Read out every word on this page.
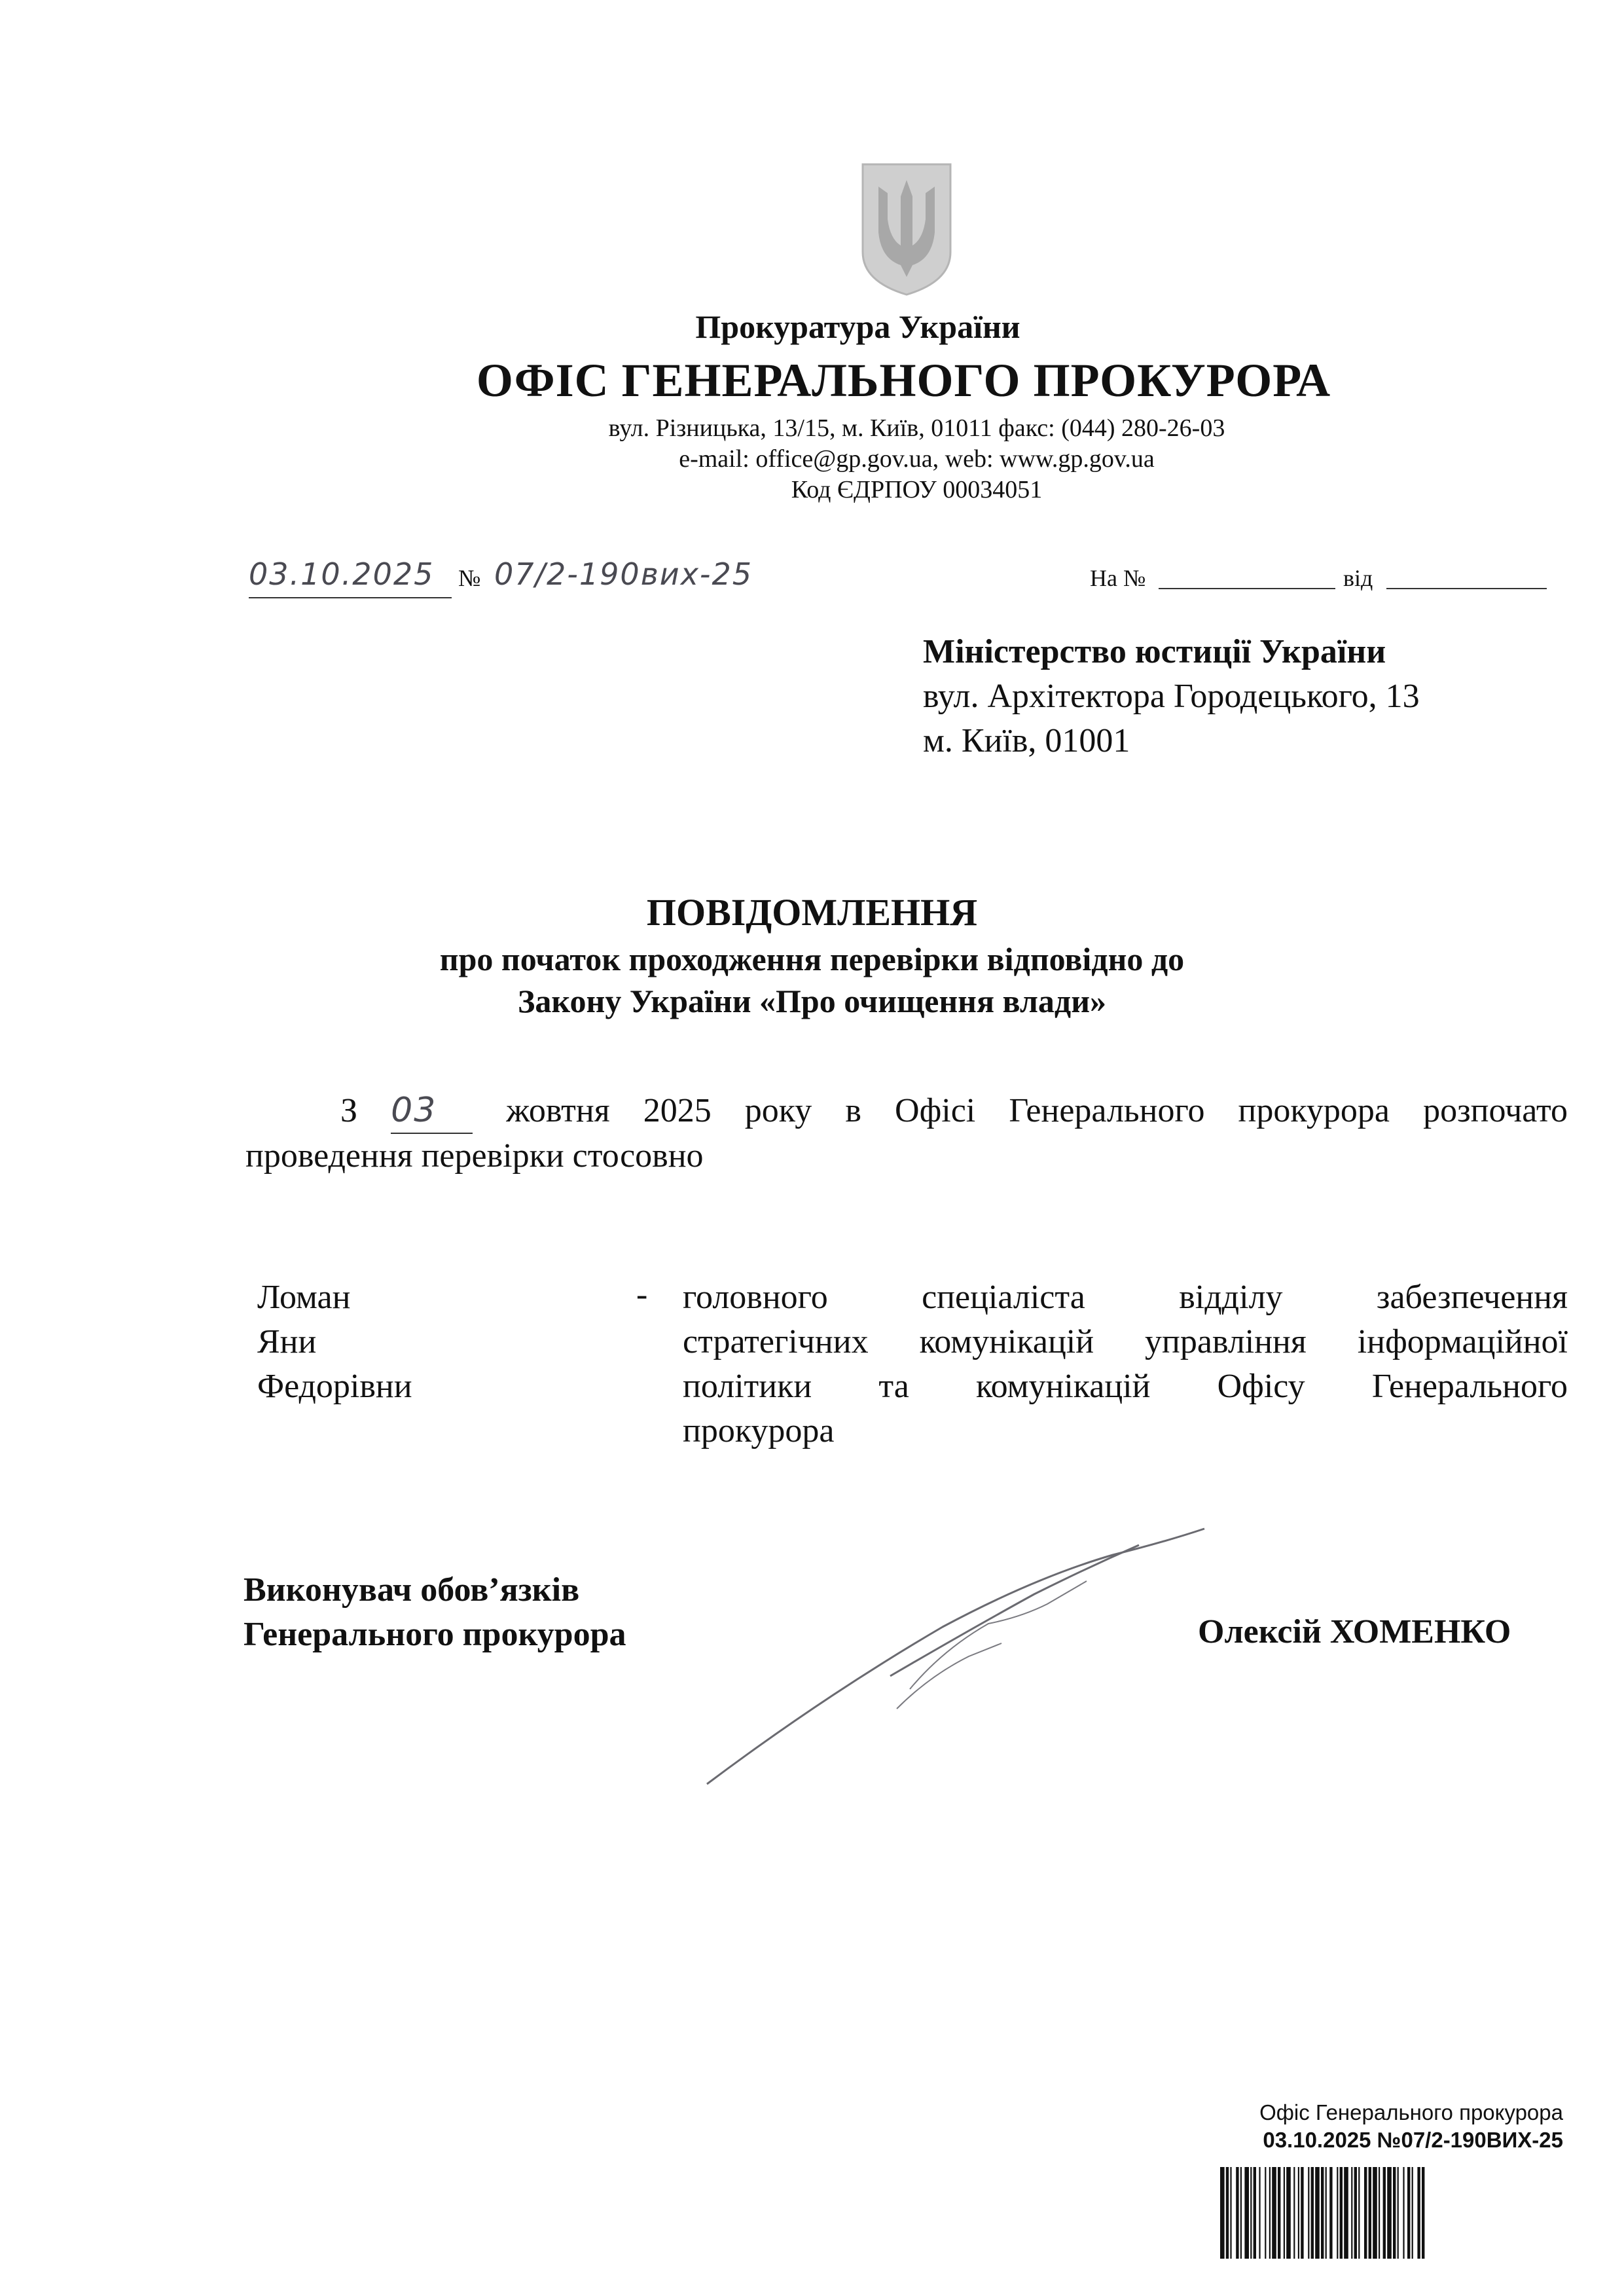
Прокуратура України
ОФІС ГЕНЕРАЛЬНОГО ПРОКУРОРА
вул. Різницька, 13/15, м. Київ, 01011 факс: (044) 280-26-03
e-mail: office@gp.gov.ua, web: www.gp.gov.ua
Код ЄДРПОУ 00034051
03.10.2025 № 07/2-190вих-25	На №	від
Міністерство юстиції України
вул. Архітектора Городецького, 13
м. Київ, 01001
ПОВІДОМЛЕННЯ
про початок проходження перевірки відповідно до
Закону України «Про очищення влади»
З 03 жовтня 2025 року в Офісі Генерального прокурора розпочато
проведення перевірки стосовно
Ломан
Яни
Федорівни
- головного спеціаліста відділу забезпечення
стратегічних комунікацій управління інформаційної
політики та комунікацій Офісу Генерального
прокурора
Виконувач обов’язків
Генерального прокурора	Олексій ХОМЕНКО
Офіс Генерального прокурора
03.10.2025 №07/2-190ВИХ-25
